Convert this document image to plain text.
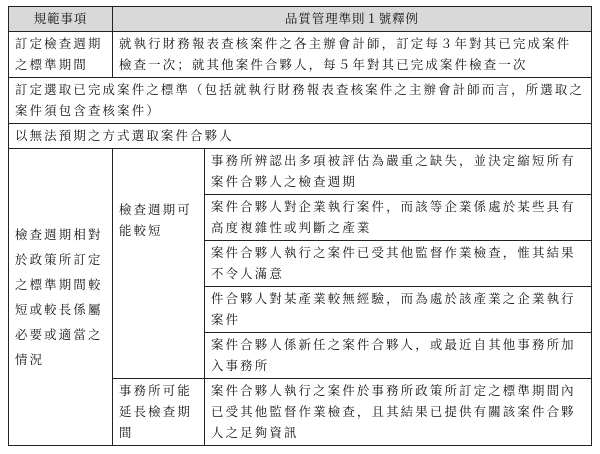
規範事項	品質管理準則１號釋例	
訂定檢查週期之標準期間	就執行財務報表查核案件之各主辦會計師，訂定每３年對其已完成案件檢查一次；就其他案件合夥人，每５年對其已完成案件檢查一次	
訂定選取已完成案件之標準（包括就執行財務報表查核案件之主辦會計師而言，所選取之案件須包含查核案件）		
以無法預期之方式選取案件合夥人		
檢查週期相對於政策所訂定之標準期間較短或較長係屬必要或適當之情況	檢查週期可能較短	事務所辨認出多項被評估為嚴重之缺失，並決定縮短所有案件合夥人之檢查週期
		案件合夥人對企業執行案件，而該等企業係處於某些具有高度複雜性或判斷之產業
		案件合夥人執行之案件已受其他監督作業檢查，惟其結果不令人滿意
		件合夥人對某產業較無經驗，而為處於該產業之企業執行案件
		案件合夥人係新任之案件合夥人，或最近自其他事務所加入事務所
	事務所可能延長檢查期間	案件合夥人執行之案件於事務所政策所訂定之標準期間內已受其他監督作業檢查，且其結果已提供有關該案件合夥人之足夠資訊
